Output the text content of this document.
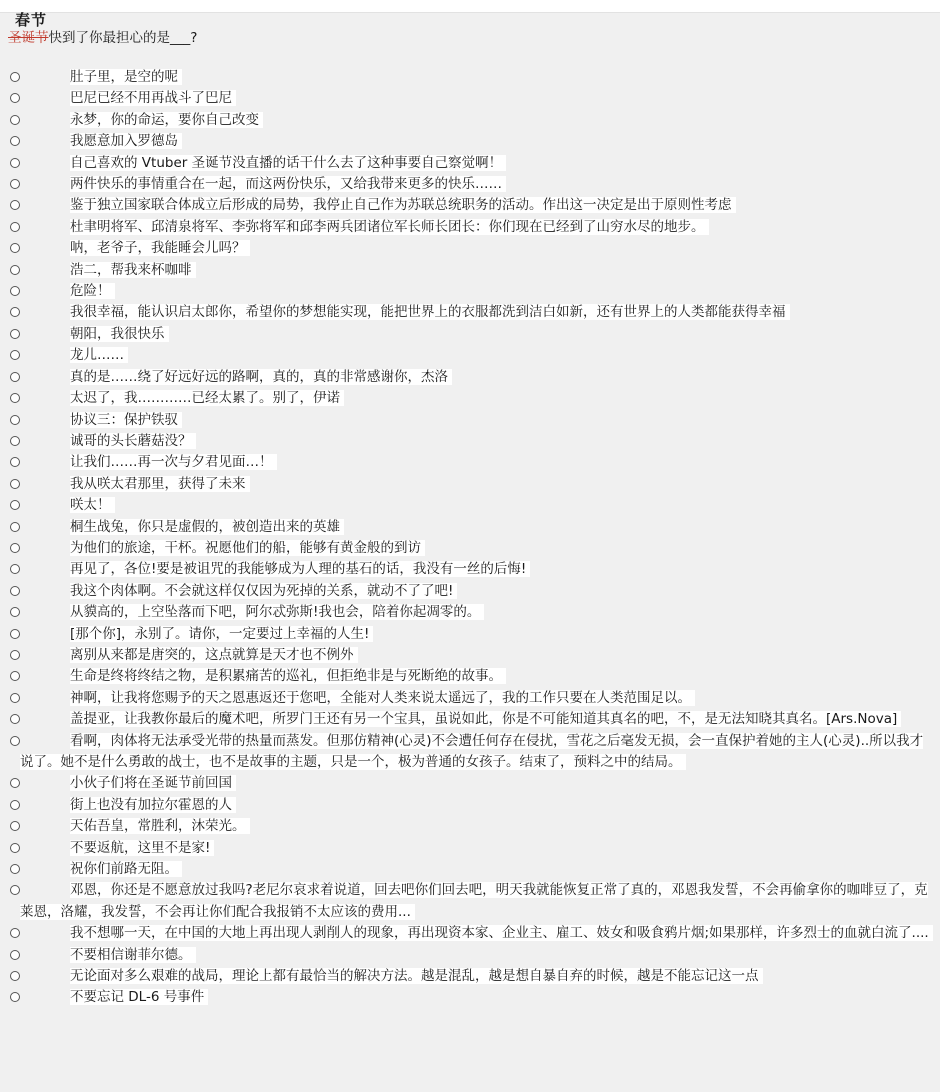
春节
圣诞节 快到了你最担心的是___?
肚子里，是空的呢
巴尼已经不用再战斗了巴尼
永梦，你的命运，要你自己改变
我愿意加入罗德岛
自己喜欢的 Vtuber 圣诞节没直播的话干什么去了这种事要自己察觉啊！
两件快乐的事情重合在一起，而这两份快乐，又给我带来更多的快乐……
鉴于独立国家联合体成立后形成的局势，我停止自己作为苏联总统职务的活动。作出这一决定是出于原则性考虑
杜聿明将军、邱清泉将军、李弥将军和邱李两兵团诸位军长师长团长：你们现在已经到了山穷水尽的地步。
呐，老爷子，我能睡会儿吗？
浩二，帮我来杯咖啡
危险！
我很幸福，能认识启太郎你，希望你的梦想能实现，能把世界上的衣服都洗到洁白如新，还有世界上的人类都能获得幸福
朝阳，我很快乐
龙儿……
真的是……绕了好远好远的路啊，真的，真的非常感谢你，杰洛
太迟了，我…………已经太累了。别了，伊诺
协议三：保护铁驭
诚哥的头长蘑菇没？
让我们……再一次与夕君见面…！
我从咲太君那里，获得了未来
咲太！
桐生战兔，你只是虚假的，被创造出来的英雄
为他们的旅途，干杯。祝愿他们的船，能够有黄金般的到访
再见了，各位!要是被诅咒的我能够成为人理的基石的话，我没有一丝的后悔!
我这个肉体啊。不会就这样仅仅因为死掉的关系，就动不了了吧!
从貘高的，上空坠落而下吧，阿尔忒弥斯!我也会，陪着你起凋零的。
[那个你]，永别了。请你，一定要过上幸福的人生!
离别从来都是唐突的，这点就算是天才也不例外
生命是终将终结之物，是积累痛苦的巡礼，但拒绝非是与死断绝的故事。
神啊，让我将您赐予的天之恩惠返还于您吧，全能对人类来说太遥远了，我的工作只要在人类范围足以。
盖提亚，让我教你最后的魔术吧，所罗门王还有另一个宝具，虽说如此，你是不可能知道其真名的吧，不，是无法知晓其真名。[Ars.Nova]
看啊，肉体将无法承受光带的热量而蒸发。但那仿精神(心灵)不会遭任何存在侵扰，雪花之后毫发无损，会一直保护着她的主人(心灵)..所以我才说了。她不是什么勇敢的战士，也不是故事的主题，只是一个，极为普通的女孩子。结束了，预料之中的结局。
小伙子们将在圣诞节前回国
街上也没有加拉尔霍恩的人
天佑吾皇，常胜利，沐荣光。
不要返航，这里不是家!
祝你们前路无阻。
邓恩，你还是不愿意放过我吗?老尼尔哀求着说道，回去吧你们回去吧，明天我就能恢复正常了真的，邓恩我发誓，不会再偷拿你的咖啡豆了，克莱恩，洛耀，我发誓，不会再让你们配合我报销不太应该的费用...
我不想哪一天，在中国的大地上再出现人剥削人的现象，再出现资本家、企业主、雇工、妓女和吸食鸦片烟;如果那样，许多烈士的血就白流了....
不要相信谢菲尔德。
无论面对多么艰难的战局，理论上都有最恰当的解决方法。越是混乱，越是想自暴自弃的时候，越是不能忘记这一点
不要忘记 DL-6 号事件
